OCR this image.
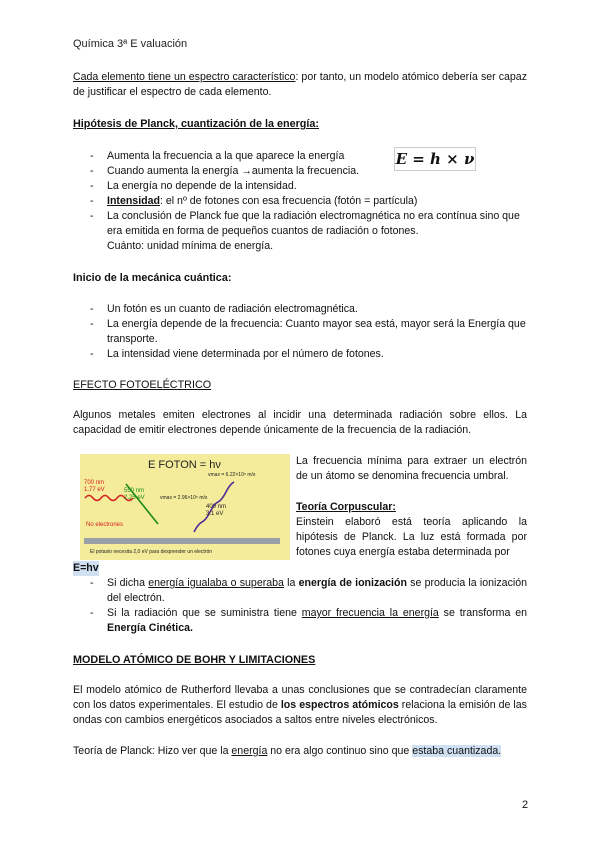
Química 3ª E valuación
Cada elemento tiene un espectro característico: por tanto, un modelo atómico debería ser capaz de justificar el espectro de cada elemento.
Hipótesis de Planck, cuantización de la energía:
E = h × ν
- Aumenta la frecuencia a la que aparece la energía
- Cuando aumenta la energía →aumenta la frecuencia.
- La energía no depende de la intensidad.
- Intensidad: el nº de fotones con esa frecuencia (fotón = partícula)
- La conclusión de Planck fue que la radiación electromagnética no era contínua sino que era emitida en forma de pequeños cuantos de radiación o fotones.
Cuánto: unidad mínima de energía.
Inicio de la mecánica cuántica:
- Un fotón es un cuanto de radiación electromagnética.
- La energía depende de la frecuencia: Cuanto mayor sea está, mayor será la Energía que transporte.
- La intensidad viene determinada por el número de fotones.
EFECTO FOTOELÉCTRICO
Algunos metales emiten electrones al incidir una determinada radiación sobre ellos. La capacidad de emitir electrones depende únicamente de la frecuencia de la radiación.
E FOTON = hν
700 nm
1.77 eV
No electrones
550 nm
2.25 eV	vmax = 2.96×10⁵ m/s
400 nm
3.1 eV
vmax = 6.22×10⁵ m/s
El potasio necesita 2,0 eV para desprender un electrón
La frecuencia mínima para extraer un electrón de un átomo se denomina frecuencia umbral.
Teoría Corpuscular:
Einstein elaboró está teoría aplicando la hipótesis de Planck. La luz está formada por fotones cuya energía estaba determinada por
E=hv
- Si dicha energía igualaba o superaba la energía de ionización se producia la ionización del electrón.
- Si la radiación que se suministra tiene mayor frecuencia la energía se transforma en Energía Cinética.
MODELO ATÓMICO DE BOHR Y LIMITACIONES
El modelo atómico de Rutherford llevaba a unas conclusiones que se contradecían claramente con los datos experimentales. El estudio de los espectros atómicos relaciona la emisión de las ondas con cambios energéticos asociados a saltos entre niveles electrónicos.
Teoría de Planck: Hizo ver que la energía no era algo continuo sino que estaba cuantizada.
2
